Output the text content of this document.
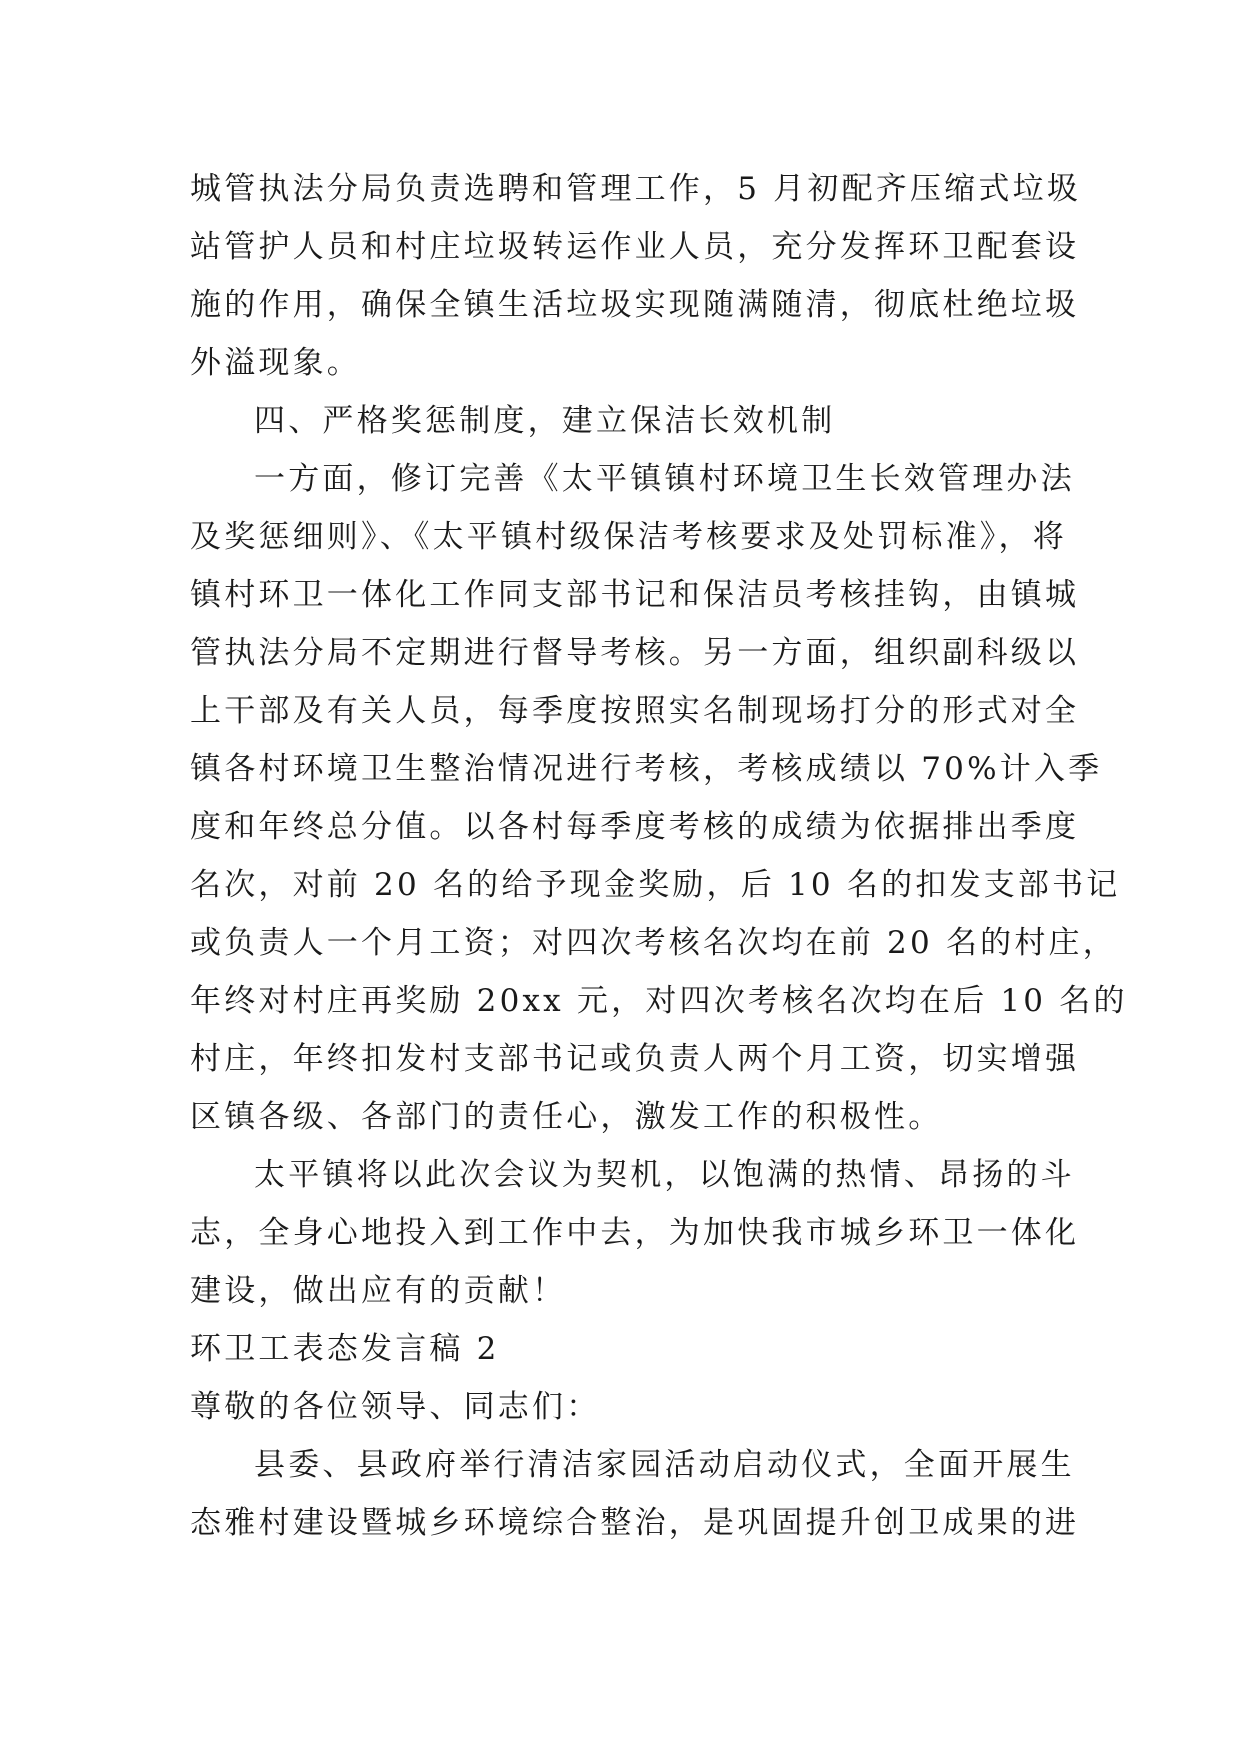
城管执法分局负责选聘和管理工作，5 月初配齐压缩式垃圾
站管护人员和村庄垃圾转运作业人员，充分发挥环卫配套设
施的作用，确保全镇生活垃圾实现随满随清，彻底杜绝垃圾
外溢现象。
四、严格奖惩制度，建立保洁长效机制
一方面，修订完善《太平镇镇村环境卫生长效管理办法
及奖惩细则》、《太平镇村级保洁考核要求及处罚标准》，将
镇村环卫一体化工作同支部书记和保洁员考核挂钩，由镇城
管执法分局不定期进行督导考核。另一方面，组织副科级以
上干部及有关人员，每季度按照实名制现场打分的形式对全
镇各村环境卫生整治情况进行考核，考核成绩以 70%计入季
度和年终总分值。以各村每季度考核的成绩为依据排出季度
名次，对前 20 名的给予现金奖励，后 10 名的扣发支部书记
或负责人一个月工资；对四次考核名次均在前 20 名的村庄，
年终对村庄再奖励 20xx 元，对四次考核名次均在后 10 名的
村庄，年终扣发村支部书记或负责人两个月工资，切实增强
区镇各级、各部门的责任心，激发工作的积极性。
太平镇将以此次会议为契机，以饱满的热情、昂扬的斗
志，全身心地投入到工作中去，为加快我市城乡环卫一体化
建设，做出应有的贡献！
环卫工表态发言稿 2
尊敬的各位领导、同志们：
县委、县政府举行清洁家园活动启动仪式，全面开展生
态雅村建设暨城乡环境综合整治，是巩固提升创卫成果的进
